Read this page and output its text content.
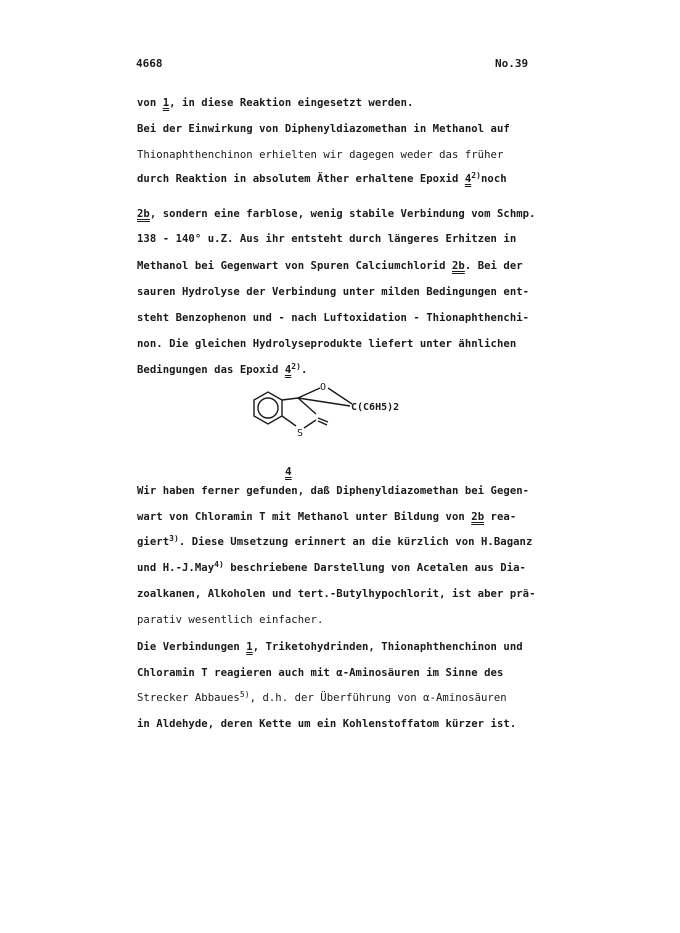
4668	No.39
von 1, in diese Reaktion eingesetzt werden.
Bei der Einwirkung von Diphenyldiazomethan in Methanol auf
Thionaphthenchinon erhielten wir dagegen weder das früher
durch Reaktion in absolutem Äther erhaltene Epoxid 4$^{2)}$noch
2b, sondern eine farblose, wenig stabile Verbindung vom Schmp.
138 - 140° u.Z. Aus ihr entsteht durch längeres Erhitzen in
Methanol bei Gegenwart von Spuren Calciumchlorid 2b. Bei der
sauren Hydrolyse der Verbindung unter milden Bedingungen ent-
steht Benzophenon und - nach Luftoxidation - Thionaphthenchi-
non. Die gleichen Hydrolyseprodukte liefert unter ähnlichen
Bedingungen das Epoxid 4$^{2)}$.
O
S
C(C6H5)2
4
Wir haben ferner gefunden, daß Diphenyldiazomethan bei Gegen-
wart von Chloramin T mit Methanol unter Bildung von 2b rea-
giert$^{3)}$. Diese Umsetzung erinnert an die kürzlich von H.Baganz
und H.-J.May$^{4)}$ beschriebene Darstellung von Acetalen aus Dia-
zoalkanen, Alkoholen und tert.-Butylhypochlorit, ist aber prä-
parativ wesentlich einfacher.
Die Verbindungen 1, Triketohydrinden, Thionaphthenchinon und
Chloramin T reagieren auch mit α-Aminosäuren im Sinne des
Strecker Abbaues$^{5)}$, d.h. der Überführung von α-Aminosäuren
in Aldehyde, deren Kette um ein Kohlenstoffatom kürzer ist.
